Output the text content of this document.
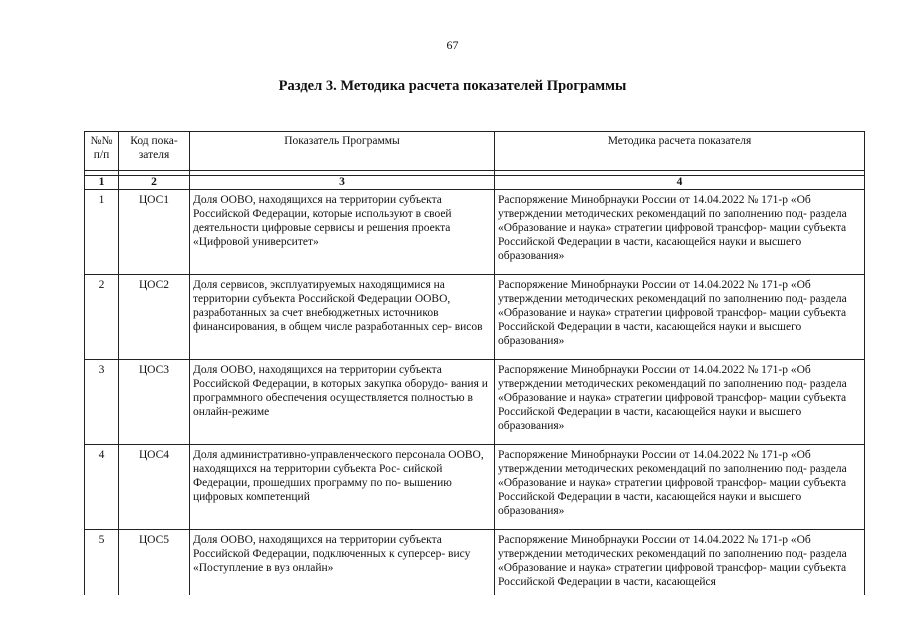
67
Раздел 3. Методика расчета показателей Программы
№№ п/п	Код пока- зателя	Показатель Программы	Методика расчета показателя

1	2	3	4
1	ЦОС1	Доля ООВО, находящихся на территории субъекта Российской Федерации, которые используют в своей деятельности цифровые сервисы и решения проекта «Цифровой университет»	Распоряжение Минобрнауки России от 14.04.2022 № 171-р «Об утверждении методических рекомендаций по заполнению под- раздела «Образование и наука» стратегии цифровой трансфор- мации субъекта Российской Федерации в части, касающейся науки и высшего образования»
2	ЦОС2	Доля сервисов, эксплуатируемых находящимися на территории субъекта Российской Федерации ООВО, разработанных за счет внебюджетных источников финансирования, в общем числе разработанных сер- висов	Распоряжение Минобрнауки России от 14.04.2022 № 171-р «Об утверждении методических рекомендаций по заполнению под- раздела «Образование и наука» стратегии цифровой трансфор- мации субъекта Российской Федерации в части, касающейся науки и высшего образования»
3	ЦОС3	Доля ООВО, находящихся на территории субъекта Российской Федерации, в которых закупка оборудо- вания и программного обеспечения осуществляется полностью в онлайн-режиме	Распоряжение Минобрнауки России от 14.04.2022 № 171-р «Об утверждении методических рекомендаций по заполнению под- раздела «Образование и наука» стратегии цифровой трансфор- мации субъекта Российской Федерации в части, касающейся науки и высшего образования»
4	ЦОС4	Доля административно-управленческого персонала ООВО, находящихся на территории субъекта Рос- сийской Федерации, прошедших программу по по- вышению цифровых компетенций	Распоряжение Минобрнауки России от 14.04.2022 № 171-р «Об утверждении методических рекомендаций по заполнению под- раздела «Образование и наука» стратегии цифровой трансфор- мации субъекта Российской Федерации в части, касающейся науки и высшего образования»
5	ЦОС5	Доля ООВО, находящихся на территории субъекта Российской Федерации, подключенных к суперсер- вису «Поступление в вуз онлайн»	Распоряжение Минобрнауки России от 14.04.2022 № 171-р «Об утверждении методических рекомендаций по заполнению под- раздела «Образование и наука» стратегии цифровой трансфор- мации субъекта Российской Федерации в части, касающейся
